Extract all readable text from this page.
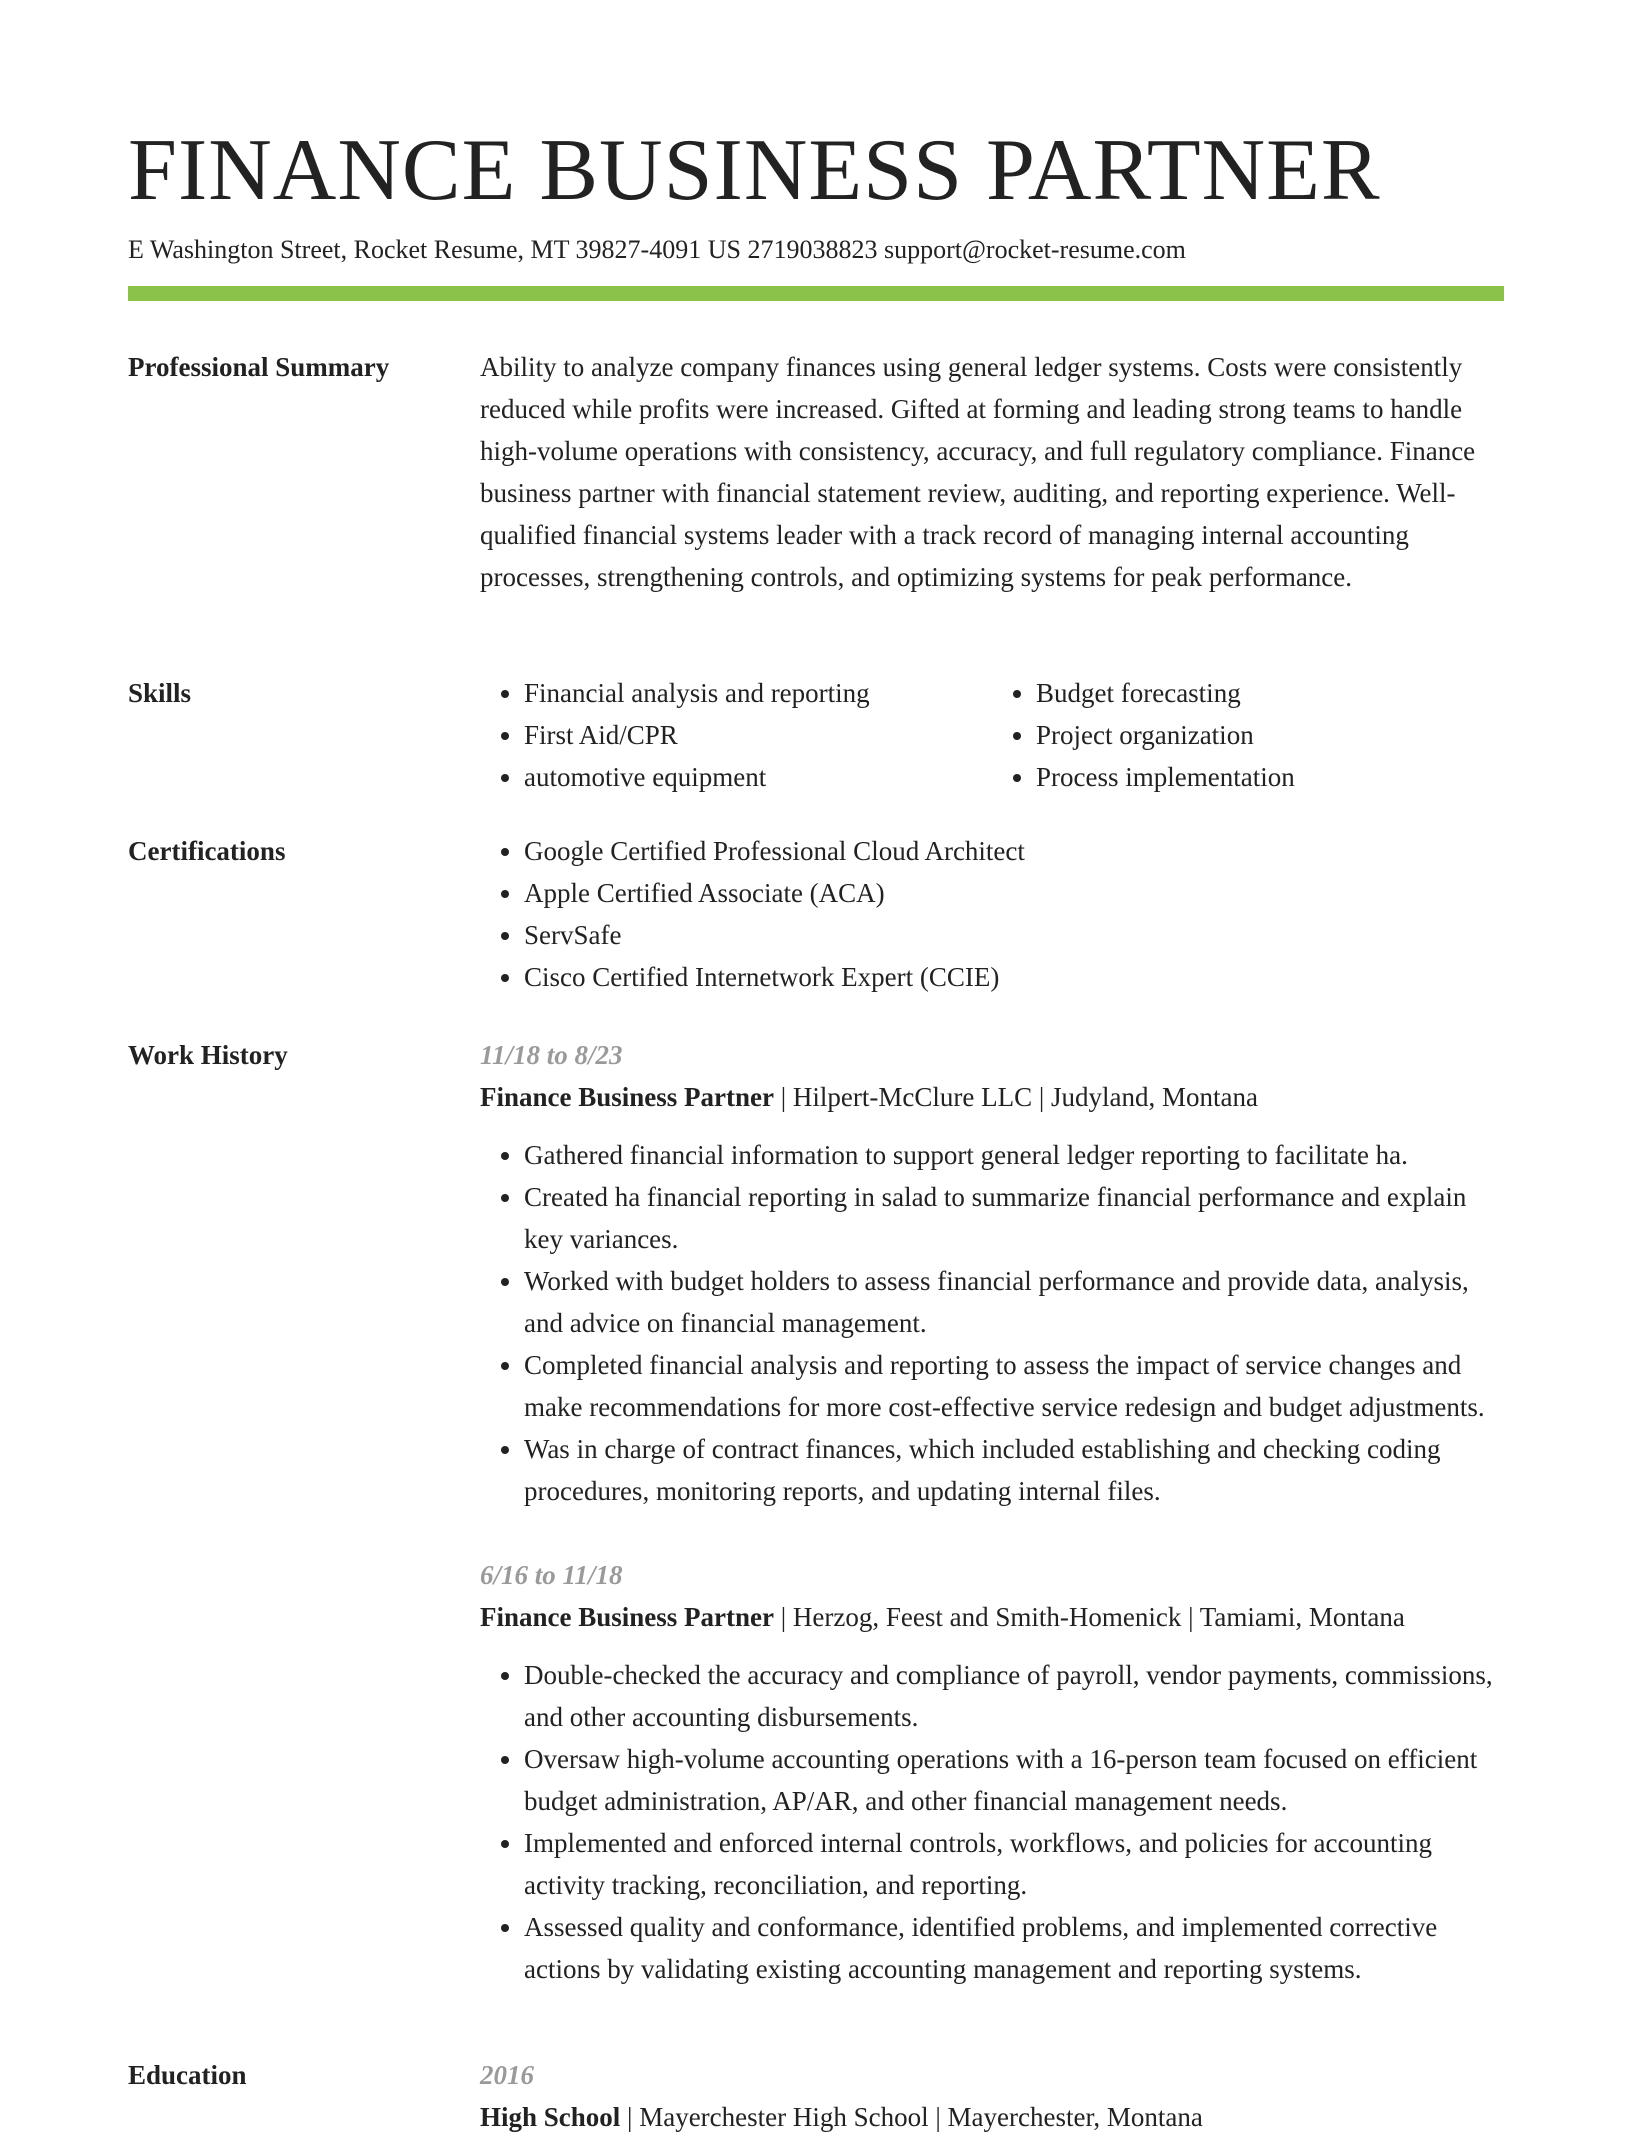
FINANCE BUSINESS PARTNER
E Washington Street, Rocket Resume, MT 39827-4091 US 2719038823 support@rocket-resume.com
Professional Summary	Ability to analyze company finances using general ledger systems. Costs were consistently reduced while profits were increased. Gifted at forming and leading strong teams to handle high-volume operations with consistency, accuracy, and full regulatory compliance. Finance business partner with financial statement review, auditing, and reporting experience. Well-qualified financial systems leader with a track record of managing internal accounting processes, strengthening controls, and optimizing systems for peak performance.

Skills	• Financial analysis and reporting
• First Aid/CPR
• automotive equipment
• Budget forecasting
• Project organization
• Process implementation
Certifications	• Google Certified Professional Cloud Architect
• Apple Certified Associate (ACA)
• ServSafe
• Cisco Certified Internetwork Expert (CCIE)
Work History	11/18 to 8/23
Finance Business Partner | Hilpert-McClure LLC | Judyland, Montana
• Gathered financial information to support general ledger reporting to facilitate ha.
• Created ha financial reporting in salad to summarize financial performance and explain key variances.
• Worked with budget holders to assess financial performance and provide data, analysis, and advice on financial management.
• Completed financial analysis and reporting to assess the impact of service changes and make recommendations for more cost-effective service redesign and budget adjustments.
• Was in charge of contract finances, which included establishing and checking coding procedures, monitoring reports, and updating internal files.
6/16 to 11/18
Finance Business Partner | Herzog, Feest and Smith-Homenick | Tamiami, Montana
• Double-checked the accuracy and compliance of payroll, vendor payments, commissions, and other accounting disbursements.
• Oversaw high-volume accounting operations with a 16-person team focused on efficient budget administration, AP/AR, and other financial management needs.
• Implemented and enforced internal controls, workflows, and policies for accounting activity tracking, reconciliation, and reporting.
• Assessed quality and conformance, identified problems, and implemented corrective actions by validating existing accounting management and reporting systems.
Education	2016
High School | Mayerchester High School | Mayerchester, Montana
